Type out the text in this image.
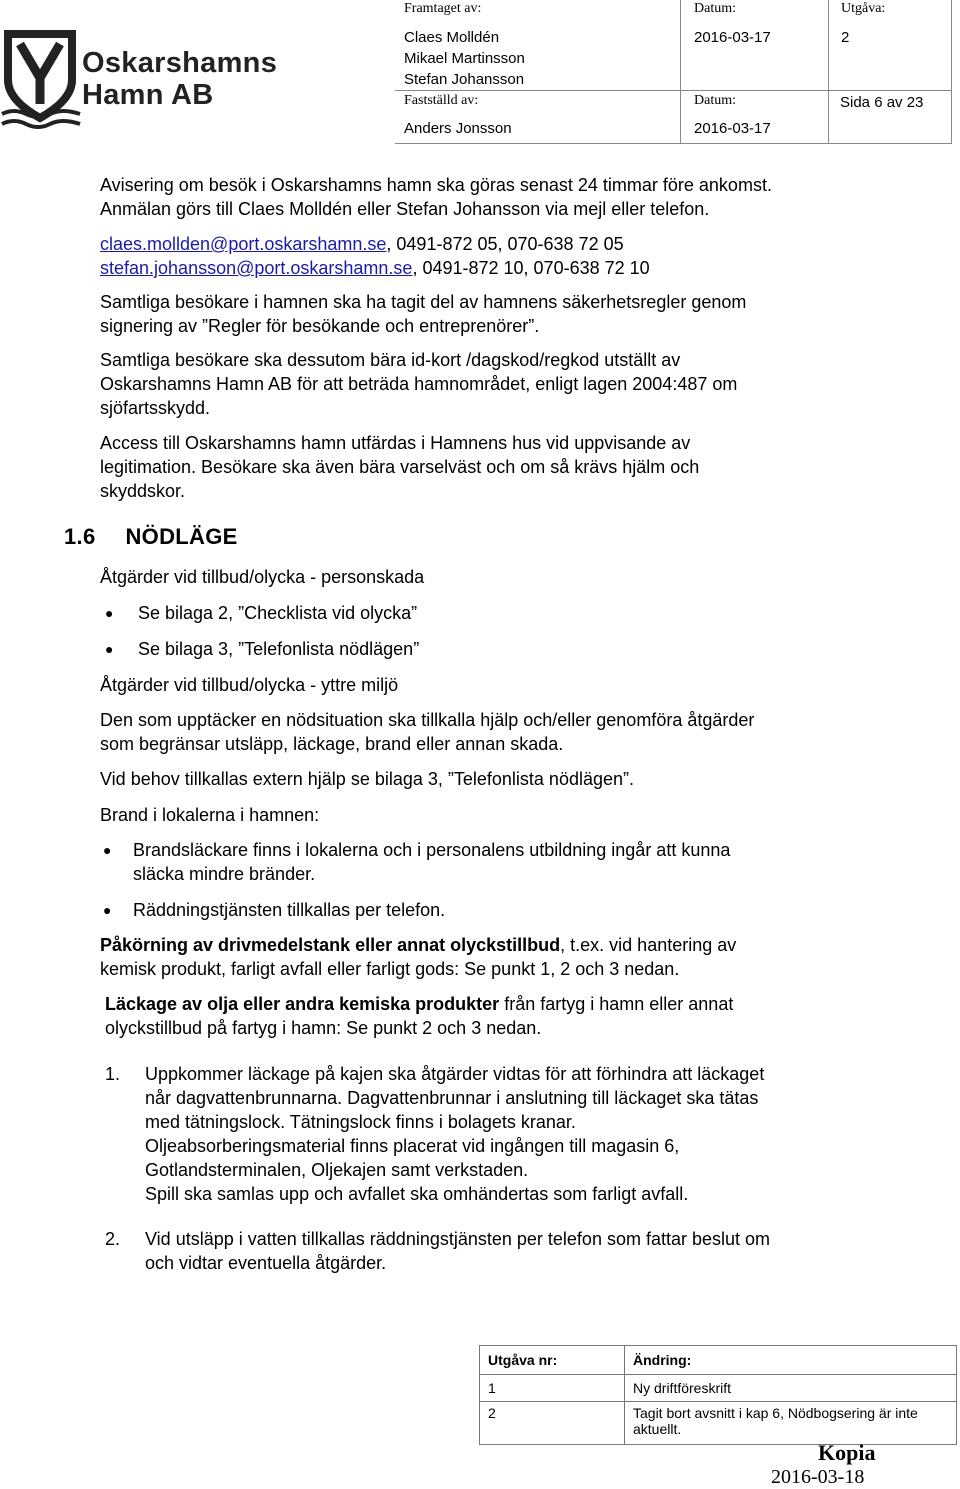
Oskarshamns
Hamn AB
Framtaget av:
Claes Molldén
Mikael Martinsson
Stefan Johansson
Datum:
2016-03-17
Utgåva:
2
Fastställd av:
Anders Jonsson
Datum:
2016-03-17
Sida 6 av 23
Avisering om besök i Oskarshamns hamn ska göras senast 24 timmar före ankomst.
Anmälan görs till Claes Molldén eller Stefan Johansson via mejl eller telefon.
claes.mollden@port.oskarshamn.se, 0491-872 05, 070-638 72 05
stefan.johansson@port.oskarshamn.se, 0491-872 10, 070-638 72 10
Samtliga besökare i hamnen ska ha tagit del av hamnens säkerhetsregler genom
signering av ”Regler för besökande och entreprenörer”.
Samtliga besökare ska dessutom bära id-kort /dagskod/regkod utställt av
Oskarshamns Hamn AB för att beträda hamnområdet, enligt lagen 2004:487 om
sjöfartsskydd.
Access till Oskarshamns hamn utfärdas i Hamnens hus vid uppvisande av
legitimation. Besökare ska även bära varselväst och om så krävs hjälm och
skyddskor.
1.6 NÖDLÄGE
Åtgärder vid tillbud/olycka - personskada
● Se bilaga 2, ”Checklista vid olycka”
● Se bilaga 3, ”Telefonlista nödlägen”
Åtgärder vid tillbud/olycka - yttre miljö
Den som upptäcker en nödsituation ska tillkalla hjälp och/eller genomföra åtgärder
som begränsar utsläpp, läckage, brand eller annan skada.
Vid behov tillkallas extern hjälp se bilaga 3, ”Telefonlista nödlägen”.
Brand i lokalerna i hamnen:
● Brandsläckare finns i lokalerna och i personalens utbildning ingår att kunna
släcka mindre bränder.
● Räddningstjänsten tillkallas per telefon.
Påkörning av drivmedelstank eller annat olyckstillbud, t.ex. vid hantering av
kemisk produkt, farligt avfall eller farligt gods: Se punkt 1, 2 och 3 nedan.
Läckage av olja eller andra kemiska produkter från fartyg i hamn eller annat
olyckstillbud på fartyg i hamn: Se punkt 2 och 3 nedan.
1. Uppkommer läckage på kajen ska åtgärder vidtas för att förhindra att läckaget
når dagvattenbrunnarna. Dagvattenbrunnar i anslutning till läckaget ska tätas
med tätningslock. Tätningslock finns i bolagets kranar.
Oljeabsorberingsmaterial finns placerat vid ingången till magasin 6,
Gotlandsterminalen, Oljekajen samt verkstaden.
Spill ska samlas upp och avfallet ska omhändertas som farligt avfall.
2. Vid utsläpp i vatten tillkallas räddningstjänsten per telefon som fattar beslut om
och vidtar eventuella åtgärder.
Utgåva nr:	Ändring:
1	Ny driftföreskrift
2	Tagit bort avsnitt i kap 6, Nödbogsering är inte aktuellt.
Kopia
2016-03-18
